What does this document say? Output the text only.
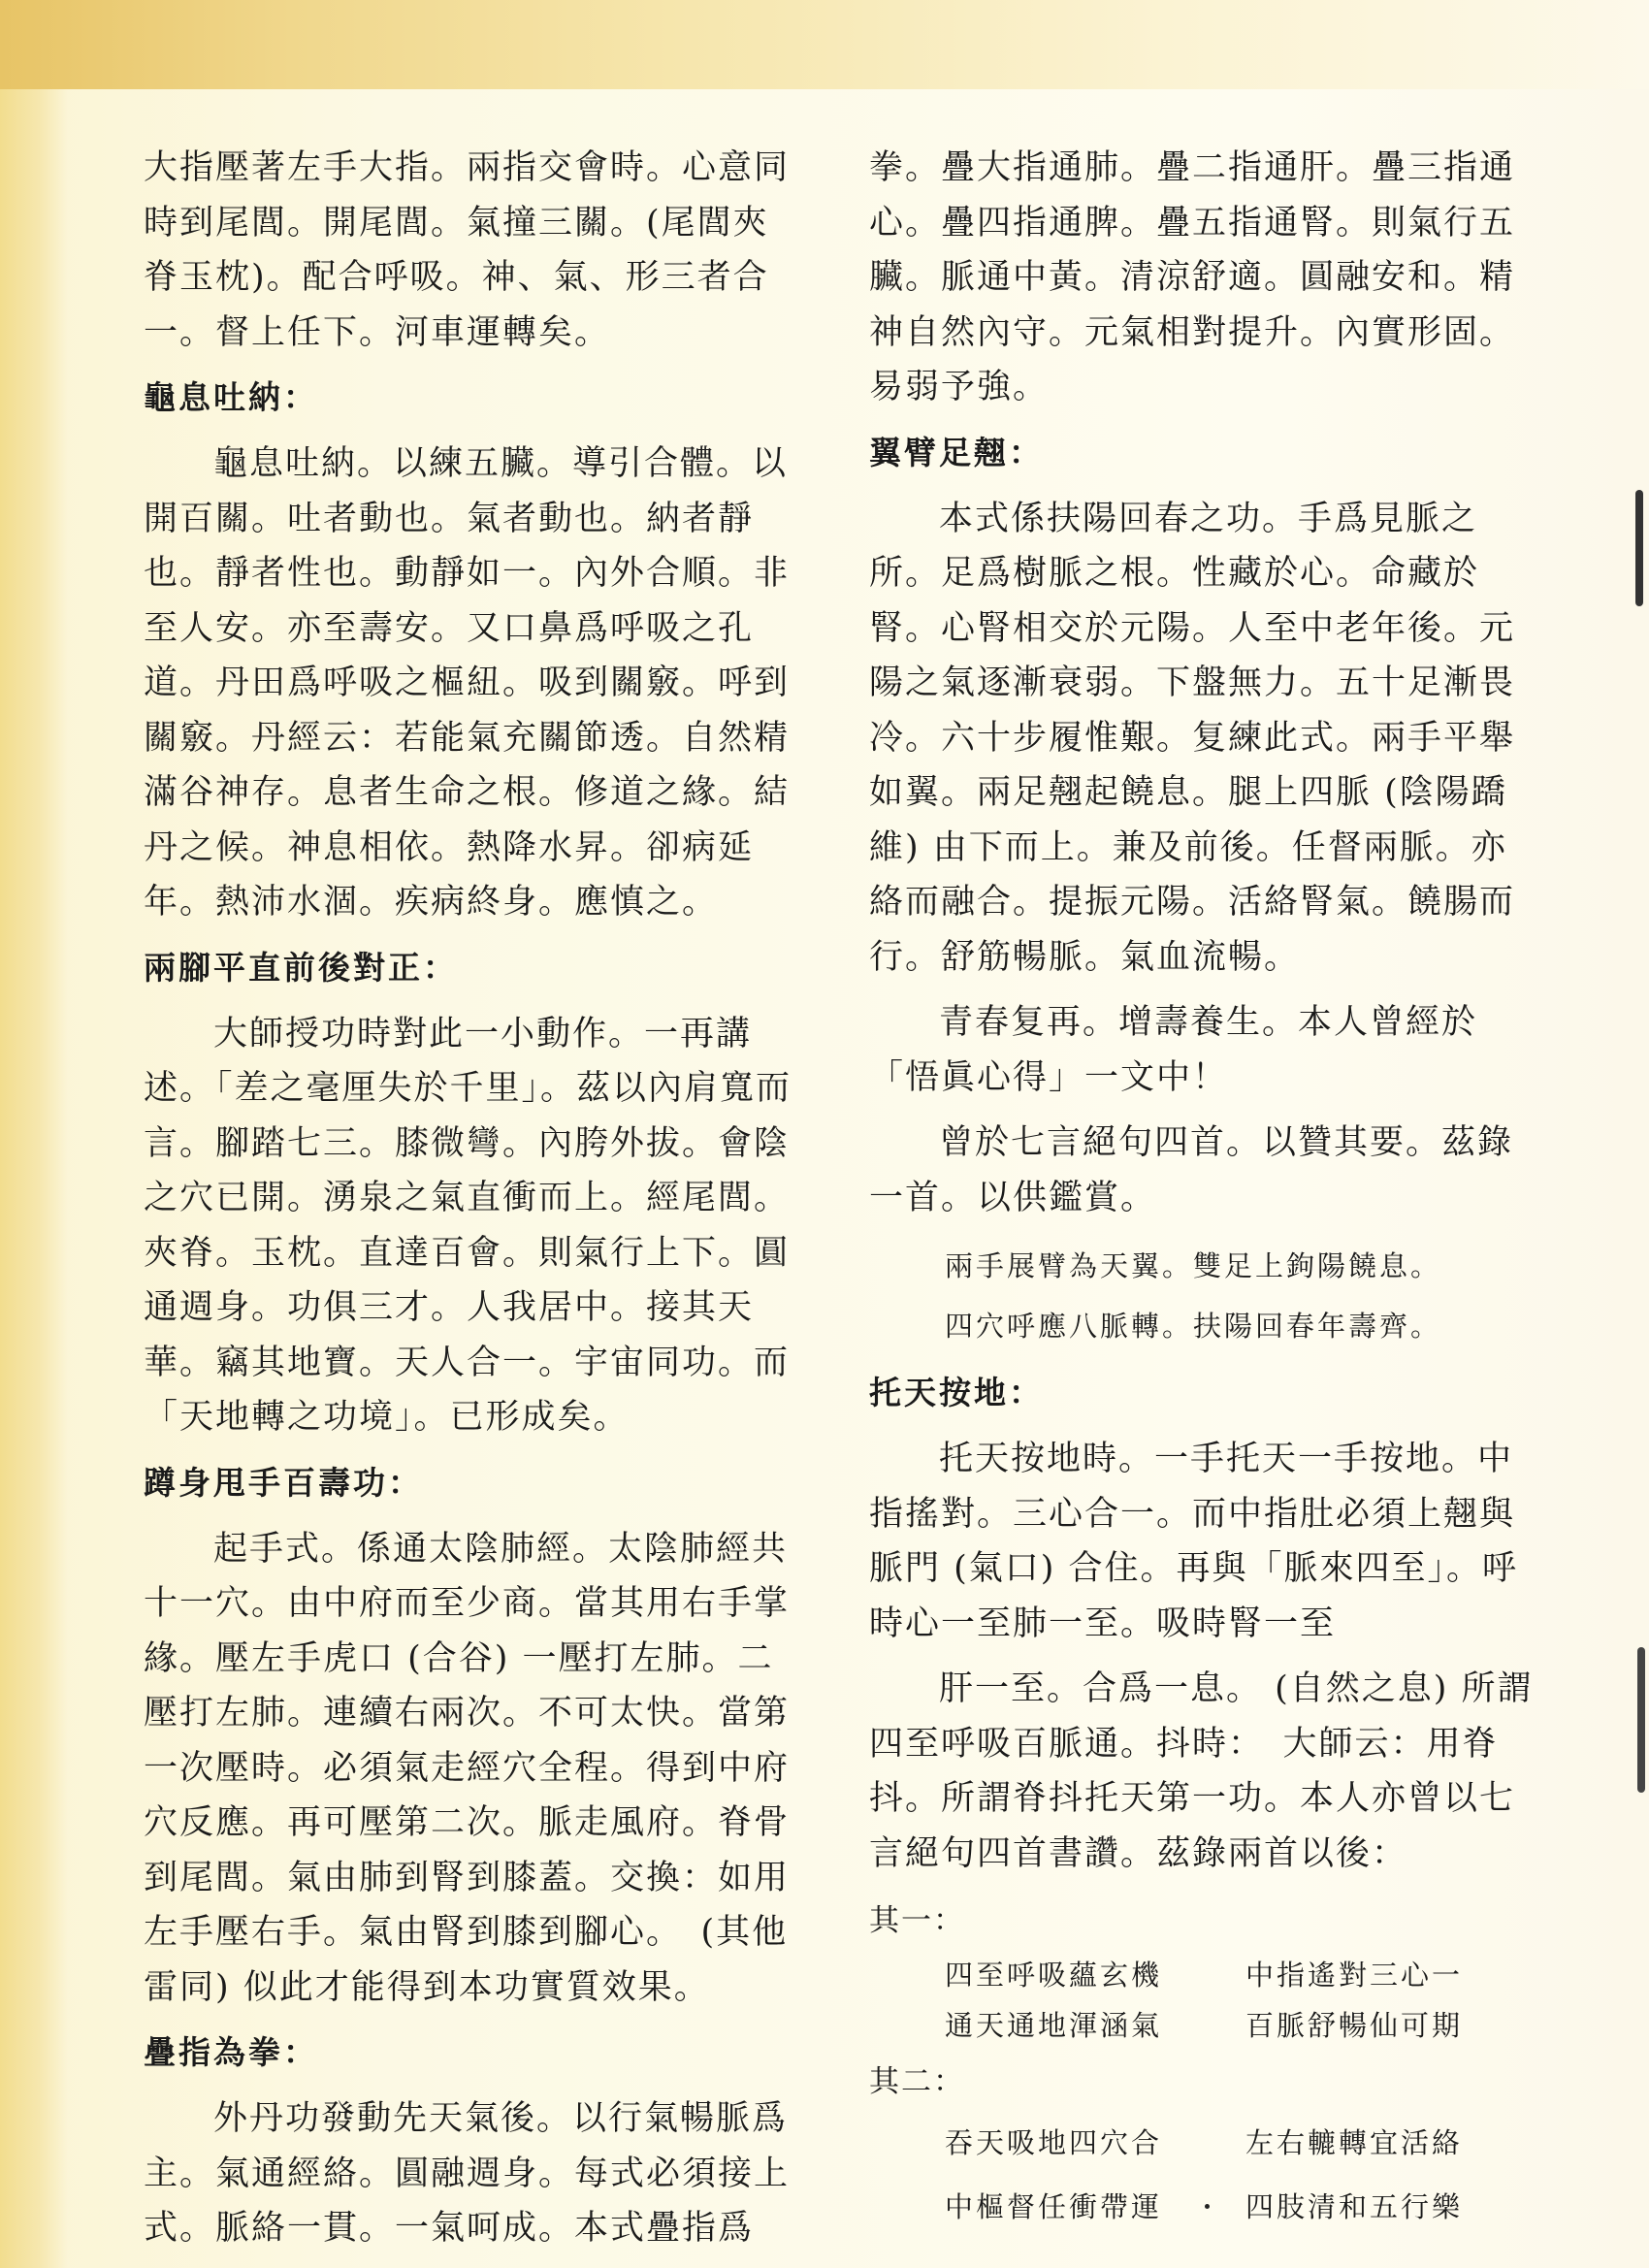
大指壓著左手大指。兩指交會時。心意同時到尾閭。開尾閭。氣撞三關。(尾閭夾脊玉枕)。配合呼吸。神、氣、形三者合一。督上任下。河車運轉矣。

龜息吐納：

龜息吐納。以練五臟。導引合體。以開百關。吐者動也。氣者動也。納者靜也。靜者性也。動靜如一。內外合順。非至人安。亦至壽安。又口鼻爲呼吸之孔道。丹田爲呼吸之樞紐。吸到關竅。呼到關竅。丹經云：若能氣充關節透。自然精滿谷神存。息者生命之根。修道之緣。結丹之候。神息相依。熱降水昇。卻病延年。熱沛水涸。疾病終身。應慎之。

兩腳平直前後對正：

大師授功時對此一小動作。一再講述。「差之毫厘失於千里」。茲以內肩寬而言。腳踏七三。膝微彎。內胯外拔。會陰之穴已開。湧泉之氣直衝而上。經尾閭。夾脊。玉枕。直達百會。則氣行上下。圓通週身。功俱三才。人我居中。接其天華。竊其地寶。天人合一。宇宙同功。而「天地轉之功境」。已形成矣。

蹲身甩手百壽功：

起手式。係通太陰肺經。太陰肺經共十一穴。由中府而至少商。當其用右手掌緣。壓左手虎口 (合谷) 一壓打左肺。二壓打左肺。連續右兩次。不可太快。當第一次壓時。必須氣走經穴全程。得到中府穴反應。再可壓第二次。脈走風府。脊骨到尾閭。氣由肺到腎到膝蓋。交換：如用左手壓右手。氣由腎到膝到腳心。　(其他雷同) 似此才能得到本功實質效果。

疊指為拳：

外丹功發動先天氣後。以行氣暢脈爲主。氣通經絡。圓融週身。每式必須接上式。脈絡一貫。一氣呵成。本式疊指爲

拳。疊大指通肺。疊二指通肝。疊三指通心。疊四指通脾。疊五指通腎。則氣行五臟。脈通中黃。清涼舒適。圓融安和。精神自然內守。元氣相對提升。內實形固。易弱予強。

翼臂足翹：

本式係扶陽回春之功。手爲見脈之所。足爲樹脈之根。性藏於心。命藏於腎。心腎相交於元陽。人至中老年後。元陽之氣逐漸衰弱。下盤無力。五十足漸畏冷。六十步履惟艱。复練此式。兩手平舉如翼。兩足翹起饒息。腿上四脈 (陰陽蹻維) 由下而上。兼及前後。任督兩脈。亦絡而融合。提振元陽。活絡腎氣。饒腸而行。舒筋暢脈。氣血流暢。

青春复再。增壽養生。本人曾經於「悟眞心得」一文中！

曾於七言絕句四首。以贊其要。茲錄一首。以供鑑賞。

兩手展臂為天翼。雙足上鉤陽饒息。

四穴呼應八脈轉。扶陽回春年壽齊。

托天按地：

托天按地時。一手托天一手按地。中指搖對。三心合一。而中指肚必須上翹與脈門 (氣口) 合住。再與「脈來四至」。呼時心一至肺一至。吸時腎一至

肝一至。合爲一息。 (自然之息) 所謂四至呼吸百脈通。抖時：　大師云：用脊抖。所謂脊抖托天第一功。本人亦曾以七言絕句四首書讚。茲錄兩首以後：

其一：

四至呼吸蘊玄機	中指遙對三心一
通天通地渾涵氣	百脈舒暢仙可期

其二：

吞天吸地四穴合	左右轆轉宜活絡
中樞督任衝帶運	四肢清和五行樂
